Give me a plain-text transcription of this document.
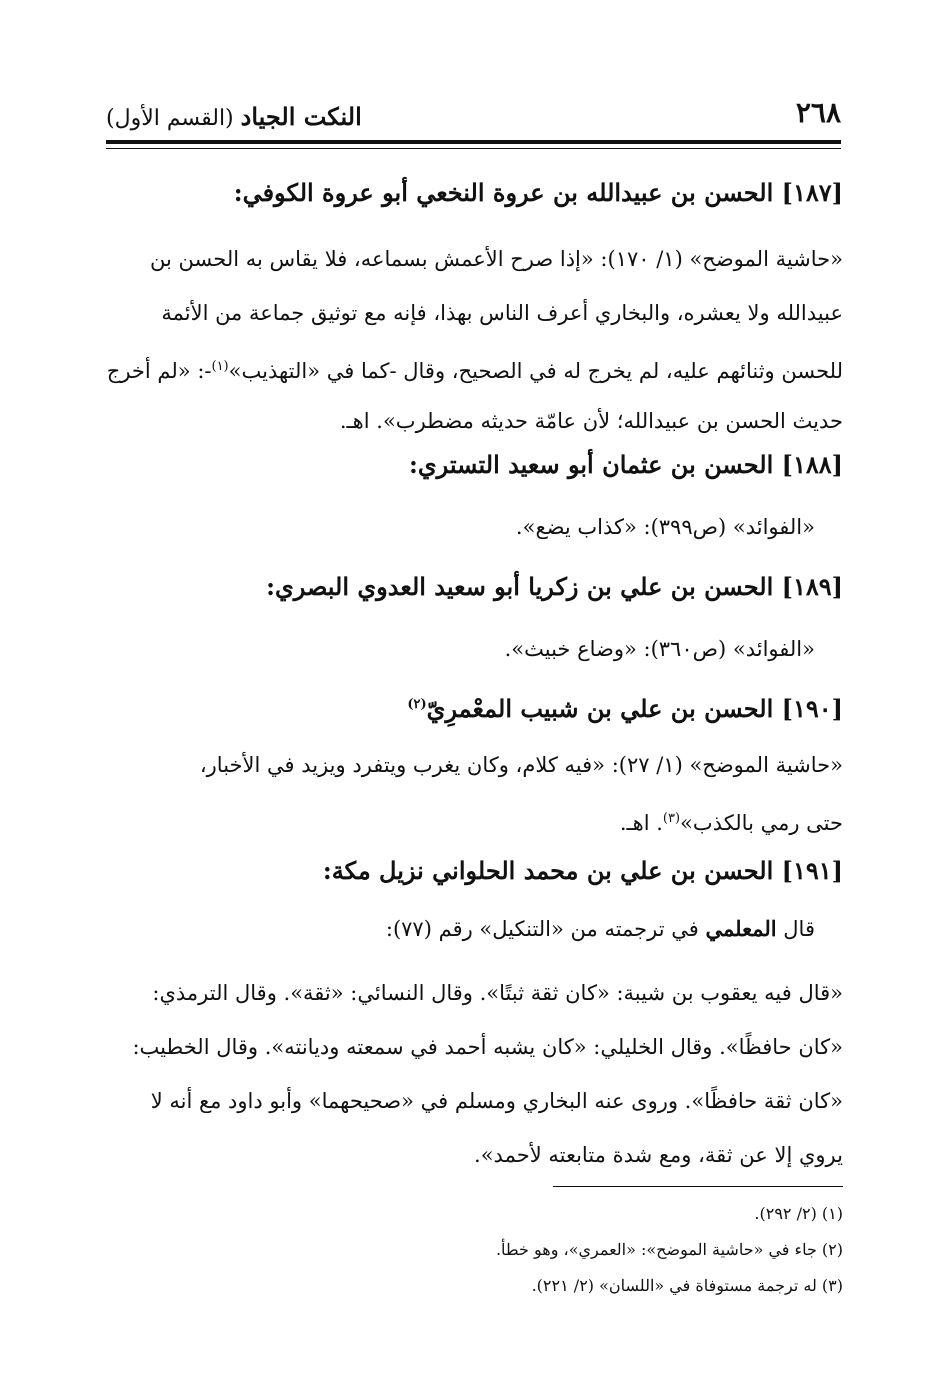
٢٦٨
النكت الجياد (القسم الأول)
[١٨٧] الحسن بن عبيدالله بن عروة النخعي أبو عروة الكوفي:
«حاشية الموضح» (١/ ١٧٠): «إذا صرح الأعمش بسماعه، فلا يقاس به الحسن بن
عبيدالله ولا يعشره، والبخاري أعرف الناس بهذا، فإنه مع توثيق جماعة من الأئمة
للحسن وثنائهم عليه، لم يخرج له في الصحيح، وقال -كما في «التهذيب»$^{(١)}$-: «لم أخرج
حديث الحسن بن عبيدالله؛ لأن عامّة حديثه مضطرب». اهـ.
[١٨٨] الحسن بن عثمان أبو سعيد التستري:
«الفوائد» (ص٣٩٩): «كذاب يضع».
[١٨٩] الحسن بن علي بن زكريا أبو سعيد العدوي البصري:
«الفوائد» (ص٣٦٠): «وضاع خبيث».
[١٩٠] الحسن بن علي بن شبيب المعْمرِيّ$^{(٢)}$
«حاشية الموضح» (١/ ٢٧): «فيه كلام، وكان يغرب ويتفرد ويزيد في الأخبار،
حتى رمي بالكذب»$^{(٣)}$. اهـ.
[١٩١] الحسن بن علي بن محمد الحلواني نزيل مكة:
قال المعلمي في ترجمته من «التنكيل» رقم (٧٧):
«قال فيه يعقوب بن شيبة: «كان ثقة ثبتًا». وقال النسائي: «ثقة». وقال الترمذي:
«كان حافظًا». وقال الخليلي: «كان يشبه أحمد في سمعته وديانته». وقال الخطيب:
«كان ثقة حافظًا». وروى عنه البخاري ومسلم في «صحيحهما» وأبو داود مع أنه لا
يروي إلا عن ثقة، ومع شدة متابعته لأحمد».
(١) (٢/ ٢٩٢).
(٢) جاء في «حاشية الموضح»: «العمري»، وهو خطأ.
(٣) له ترجمة مستوفاة في «اللسان» (٢/ ٢٢١).
